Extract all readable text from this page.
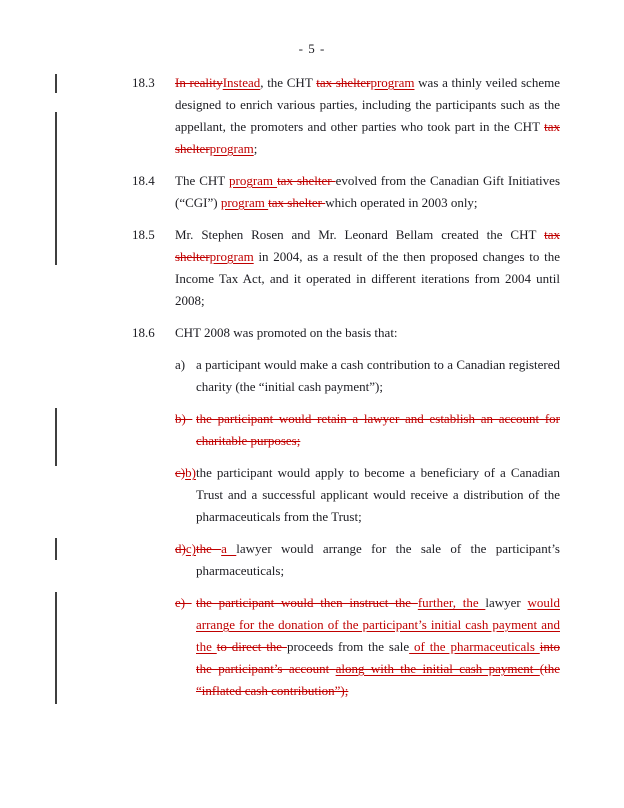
- 5 -
18.3	In realityInstead, the CHT tax shelterprogram was a thinly veiled scheme designed to enrich various parties, including the participants such as the appellant, the promoters and other parties who took part in the CHT tax shelterprogram;
18.4	The CHT program tax shelter evolved from the Canadian Gift Initiatives (“CGI”) program tax shelter which operated in 2003 only;
18.5	Mr. Stephen Rosen and Mr. Leonard Bellam created the CHT tax shelterprogram in 2004, as a result of the then proposed changes to the Income Tax Act, and it operated in different iterations from 2004 until 2008;
18.6	CHT 2008 was promoted on the basis that:
a) a participant would make a cash contribution to a Canadian registered charity (the “initial cash payment”);
b)  the participant would retain a lawyer and establish an account for charitable purposes;
c)b)the participant would apply to become a beneficiary of a Canadian Trust and a successful applicant would receive a distribution of the pharmaceuticals from the Trust;
d)c)the a lawyer would arrange for the sale of the participant’s pharmaceuticals;
e)  the participant would then instruct the further, the lawyer would arrange for the donation of the participant’s initial cash payment and the to direct the proceeds from the sale of the pharmaceuticals into the participant’s account along with the initial cash payment (the “inflated cash contribution”);
